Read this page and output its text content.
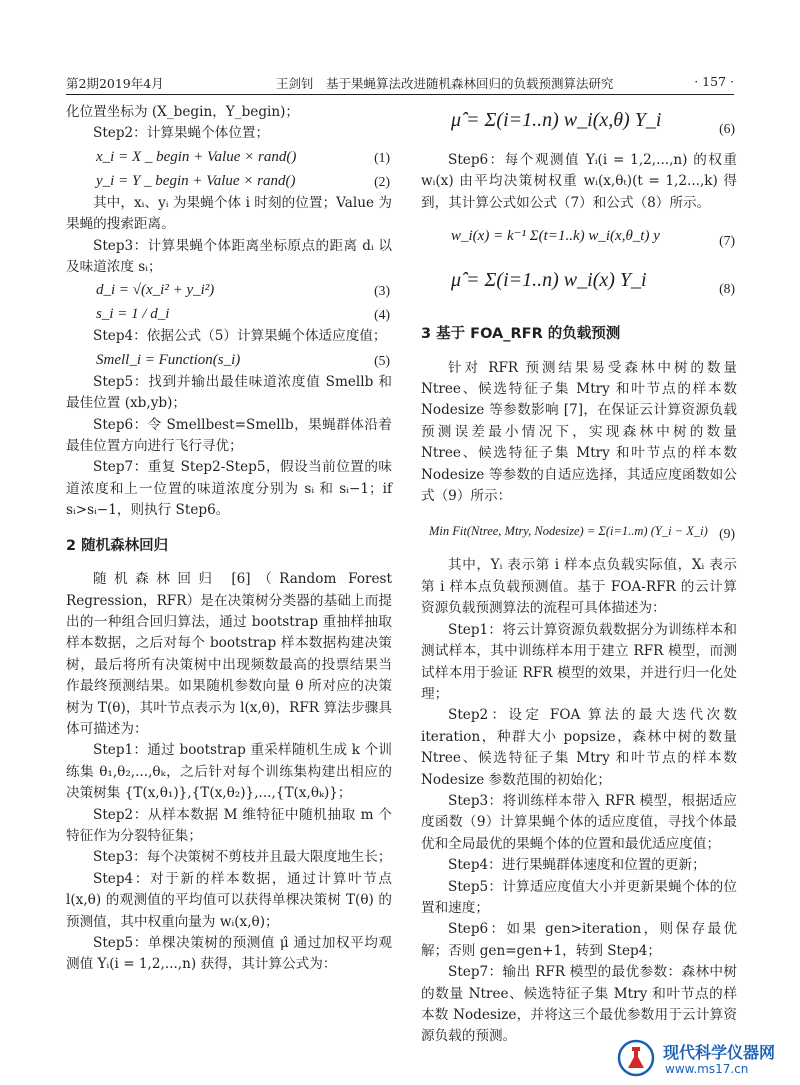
第2期2019年4月	王剑钊　基于果蝇算法改进随机森林回归的负载预测算法研究	· 157 ·

化位置坐标为 (X_begin，Y_begin)；

Step2：计算果蝇个体位置；

x_i = X _ begin + Value × rand()	(1)
y_i = Y _ begin + Value × rand()	(2)

其中，xᵢ、yᵢ 为果蝇个体 i 时刻的位置；Value 为果蝇的搜索距离。

Step3：计算果蝇个体距离坐标原点的距离 dᵢ 以及味道浓度 sᵢ；

d_i = √(x_i² + y_i²)	(3)
s_i = 1 / d_i	(4)

Step4：依据公式（5）计算果蝇个体适应度值；

Smell_i = Function(s_i)	(5)

Step5：找到并输出最佳味道浓度值 Smellb 和最佳位置 (xb,yb)；

Step6：令 Smellbest=Smellb，果蝇群体沿着最佳位置方向进行飞行寻优；

Step7：重复 Step2-Step5，假设当前位置的味道浓度和上一位置的味道浓度分别为 sᵢ 和 sᵢ−1；if sᵢ>sᵢ−1，则执行 Step6。

2 随机森林回归

随机森林回归 [6]（Random Forest Regression，RFR）是在决策树分类器的基础上而提出的一种组合回归算法，通过 bootstrap 重抽样抽取样本数据，之后对每个 bootstrap 样本数据构建决策树，最后将所有决策树中出现频数最高的投票结果当作最终预测结果。如果随机参数向量 θ 所对应的决策树为 T(θ)，其叶节点表示为 l(x,θ)，RFR 算法步骤具体可描述为：

Step1：通过 bootstrap 重采样随机生成 k 个训练集 θ₁,θ₂,...,θₖ，之后针对每个训练集构建出相应的决策树集 {T(x,θ₁)},{T(x,θ₂)},...,{T(x,θₖ)}；

Step2：从样本数据 M 维特征中随机抽取 m 个特征作为分裂特征集；

Step3：每个决策树不剪枝并且最大限度地生长；

Step4：对于新的样本数据，通过计算叶节点 l(x,θ) 的观测值的平均值可以获得单棵决策树 T(θ) 的预测值，其中权重向量为 wᵢ(x,θ)；

Step5：单棵决策树的预测值 μ̂ 通过加权平均观测值 Yᵢ(i = 1,2,...,n) 获得，其计算公式为：

μ̂ = Σ(i=1..n) w_i(x,θ) Y_i	(6)

Step6：每个观测值 Yᵢ(i = 1,2,...,n) 的权重 wᵢ(x) 由平均决策树权重 wᵢ(x,θₜ)(t = 1,2...,k) 得到，其计算公式如公式（7）和公式（8）所示。

w_i(x) = k⁻¹ Σ(t=1..k) w_i(x,θ_t) y	(7)
μ̂ = Σ(i=1..n) w_i(x) Y_i	(8)
3 基于 FOA_RFR 的负载预测

针对 RFR 预测结果易受森林中树的数量 Ntree、候选特征子集 Mtry 和叶节点的样本数 Nodesize 等参数影响 [7]，在保证云计算资源负载预测误差最小情况下，实现森林中树的数量 Ntree、候选特征子集 Mtry 和叶节点的样本数 Nodesize 等参数的自适应选择，其适应度函数如公式（9）所示：

Min Fit(Ntree, Mtry, Nodesize) = Σ(i=1..m) (Y_i − X_i) (9)

其中，Yᵢ 表示第 i 样本点负载实际值，Xᵢ 表示第 i 样本点负载预测值。基于 FOA-RFR 的云计算资源负载预测算法的流程可具体描述为：

Step1：将云计算资源负载数据分为训练样本和测试样本，其中训练样本用于建立 RFR 模型，而测试样本用于验证 RFR 模型的效果，并进行归一化处理；

Step2：设定 FOA 算法的最大迭代次数 iteration，种群大小 popsize，森林中树的数量 Ntree、候选特征子集 Mtry 和叶节点的样本数 Nodesize 参数范围的初始化；

Step3：将训练样本带入 RFR 模型，根据适应度函数（9）计算果蝇个体的适应度值，寻找个体最优和全局最优的果蝇个体的位置和最优适应度值；

Step4：进行果蝇群体速度和位置的更新；

Step5：计算适应度值大小并更新果蝇个体的位置和速度；

Step6：如果 gen>iteration，则保存最优解；否则 gen=gen+1，转到 Step4；

Step7：输出 RFR 模型的最优参数：森林中树的数量 Ntree、候选特征子集 Mtry 和叶节点的样本数 Nodesize，并将这三个最优参数用于云计算资源负载的预测。

现代科学仪器网
www.ms17.cn
